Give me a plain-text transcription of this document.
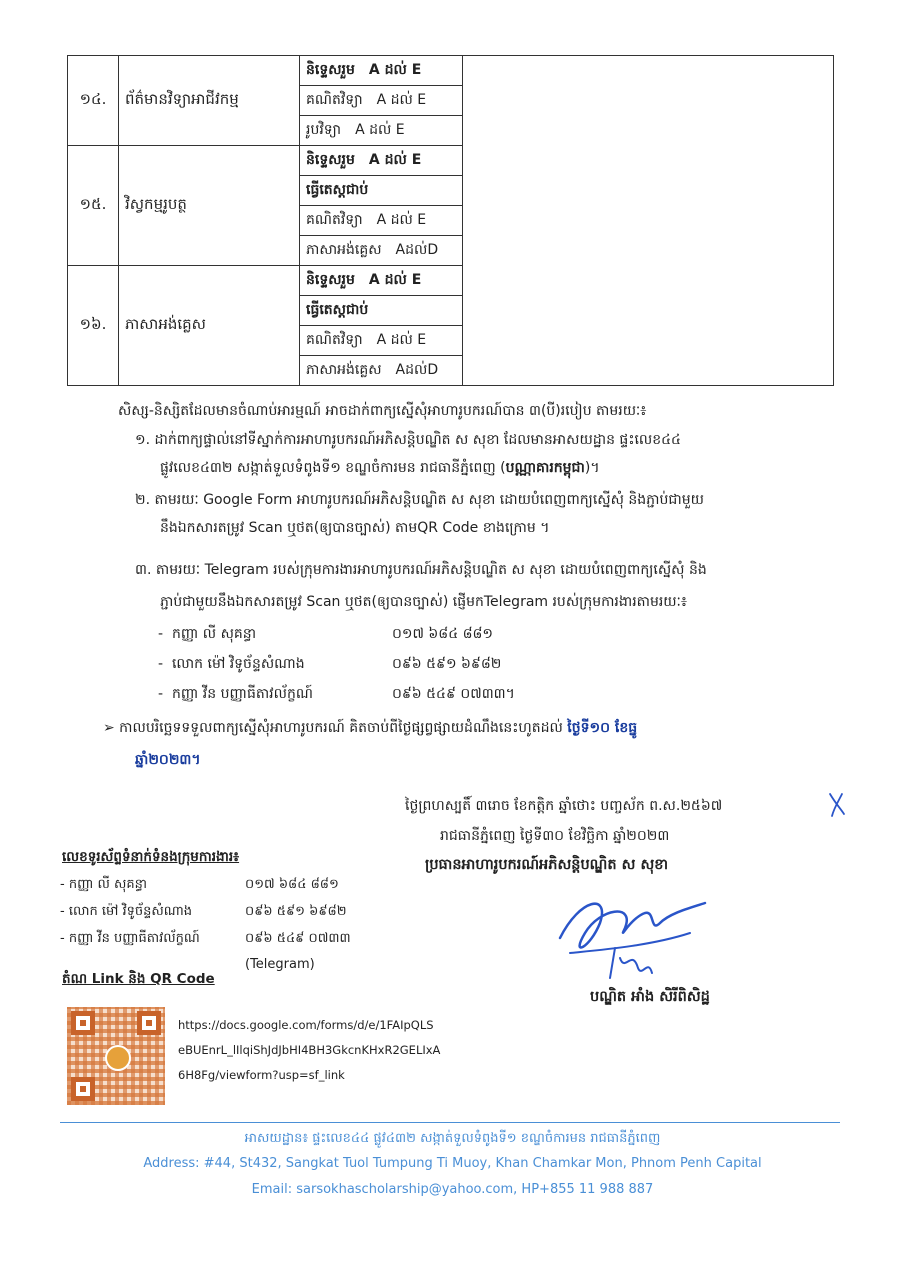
១៤.	ព័ត៌មានវិទ្យាអាជីវកម្ម	និទ្ទេសរួម A ដល់ E	
		គណិតវិទ្យា A ដល់ E	
		រូបវិទ្យា A ដល់ E	
១៥.	វិស្វកម្មរូបត្ថ	និទ្ទេសរួម A ដល់ E	
		ធ្វើតេស្តជាប់	
		គណិតវិទ្យា A ដល់ E	
		ភាសាអង់គ្លេស Aដល់D	
១៦.	ភាសាអង់គ្លេស	និទ្ទេសរួម A ដល់ E	
		ធ្វើតេស្តជាប់	
		គណិតវិទ្យា A ដល់ E	
		ភាសាអង់គ្លេស Aដល់D	
សិស្ស-និស្សិតដែលមានចំណាប់អារម្មណ៍ អាចដាក់ពាក្យស្នើសុំអាហារូបករណ៍បាន ៣(បី)របៀប តាមរយៈ៖
១. ដាក់ពាក្យផ្ទាល់នៅទីស្នាក់ការអាហារូបករណ៍អភិសន្តិបណ្ឌិត ស សុខា ដែលមានអាសយដ្ឋាន ផ្ទះលេខ៤៤
ផ្លូវលេខ៤៣២ សង្កាត់ទួលទំពូងទី១ ខណ្ឌចំការមន រាជធានីភ្នំពេញ (បណ្ណាគារកម្ពុជា)។
២. តាមរយៈ Google Form អាហារូបករណ៍អភិសន្តិបណ្ឌិត ស សុខា ដោយបំពេញពាក្យស្នើសុំ និងភ្ជាប់ជាមួយ
នឹងឯកសារតម្រូវ Scan ឬថត(ឲ្យបានច្បាស់) តាមQR Code ខាងក្រោម ។
៣. តាមរយៈ Telegram របស់ក្រុមការងារអាហារូបករណ៍អភិសន្តិបណ្ឌិត ស សុខា ដោយបំពេញពាក្យស្នើសុំ និង
ភ្ជាប់ជាមួយនឹងឯកសារតម្រូវ Scan ឬថត(ឲ្យបានច្បាស់) ផ្ញើមកTelegram របស់ក្រុមការងារតាមរយៈ៖
-  កញ្ញា លី សុគន្ធា	០១៧ ៦៨៤ ៨៨១
-  លោក ម៉ៅ វិទូច័ន្ទសំណាង	០៩៦ ៥៩១ ៦៩៨២
-  កញ្ញា វីន បញ្ញាធីតាវល័ក្ខណ៍	០៩៦ ៥៤៩ ០៧៣៣។
➢ កាលបរិច្ឆេទទទួលពាក្យស្នើសុំអាហារូបករណ៍ គិតចាប់ពីថ្ងៃផ្សព្វផ្សាយដំណឹងនេះហូតដល់ ថ្ងៃទី១០ ខែធ្នូ
ឆ្នាំ២០២៣។
ថ្ងៃព្រហស្បតិ៍ ៣រោច ខែកត្តិក ឆ្នាំថោះ បញ្ចស័ក ព.ស.២៥៦៧
រាជធានីភ្នំពេញ ថ្ងៃទី៣០ ខែវិច្ឆិកា ឆ្នាំ២០២៣
ប្រធានអាហារូបករណ៍អភិសន្តិបណ្ឌិត ស សុខា
បណ្ឌិត អាំង សិរីពិសិដ្ឋ
លេខទូរស័ព្ទទំនាក់ទំនងក្រុមការងារ៖
- កញ្ញា លី សុគន្ធា	០១៧ ៦៨៤ ៨៨១
- លោក ម៉ៅ វិទូច័ន្ទសំណាង	០៩៦ ៥៩១ ៦៩៨២
- កញ្ញា វីន បញ្ញាធីតាវល័ក្ខណ៍	០៩៦ ៥៤៩ ០៧៣៣
(Telegram)
តំណ Link និង QR Code
https://docs.google.com/forms/d/e/1FAIpQLS
eBUEnrL_lIlqiShJdJbHI4BH3GkcnKHxR2GELIxA
6H8Fg/viewform?usp=sf_link
អាសយដ្ឋាន៖ ផ្ទះលេខ៤៤ ផ្លូវ៤៣២ សង្កាត់ទួលទំពូងទី១ ខណ្ឌចំការមន រាជធានីភ្នំពេញ
Address: #44, St432, Sangkat Tuol Tumpung Ti Muoy, Khan Chamkar Mon, Phnom Penh Capital
Email: sarsokhascholarship@yahoo.com, HP+855 11 988 887
